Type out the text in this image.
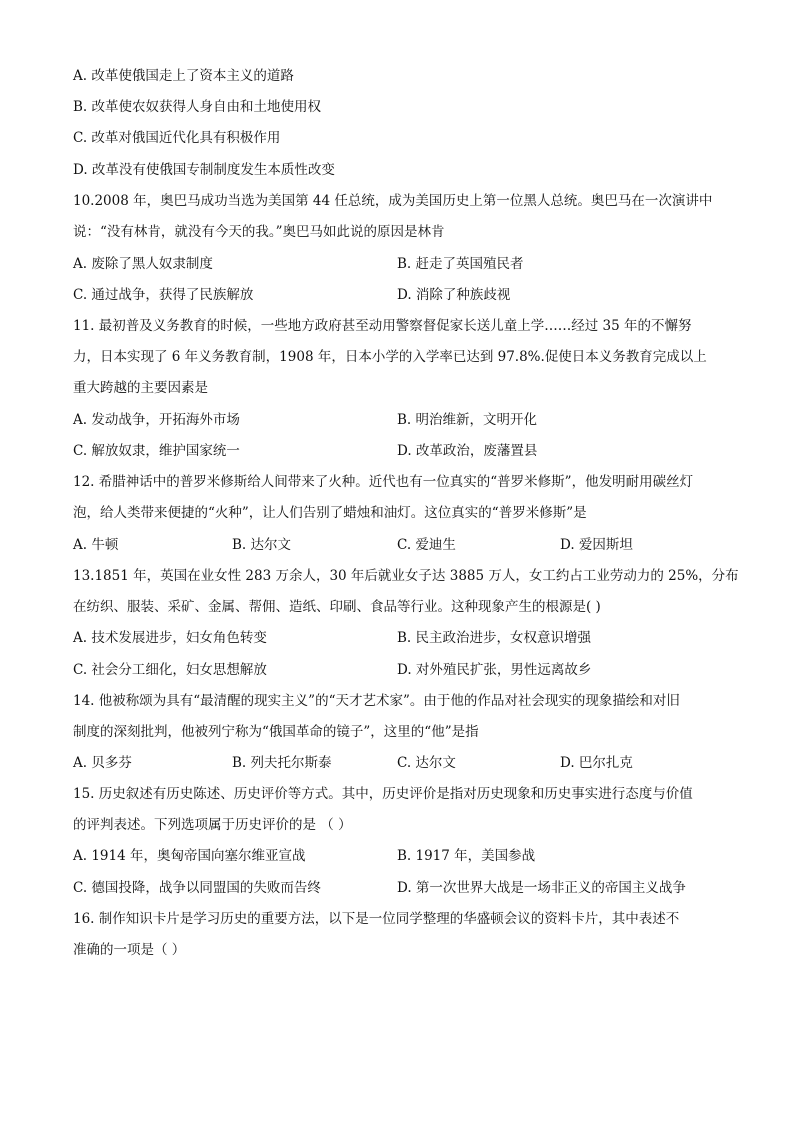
A. 改革使俄国走上了资本主义的道路
B. 改革使农奴获得人身自由和土地使用权
C. 改革对俄国近代化具有积极作用
D. 改革没有使俄国专制制度发生本质性改变
10.2008 年，奥巴马成功当选为美国第 44 任总统，成为美国历史上第一位黑人总统。奥巴马在一次演讲中
说：“没有林肯，就没有今天的我。”奥巴马如此说的原因是林肯
A. 废除了黑人奴隶制度	B. 赶走了英国殖民者
C. 通过战争，获得了民族解放	D. 消除了种族歧视
11. 最初普及义务教育的时候，一些地方政府甚至动用警察督促家长送儿童上学……经过 35 年的不懈努
力，日本实现了 6 年义务教育制，1908 年，日本小学的入学率已达到 97.8%.促使日本义务教育完成以上
重大跨越的主要因素是
A. 发动战争，开拓海外市场	B. 明治维新，文明开化
C. 解放奴隶，维护国家统一	D. 改革政治，废藩置县
12. 希腊神话中的普罗米修斯给人间带来了火种。近代也有一位真实的“普罗米修斯”，他发明耐用碳丝灯
泡，给人类带来便捷的“火种”，让人们告别了蜡烛和油灯。这位真实的“普罗米修斯”是
A. 牛顿	B. 达尔文	C. 爱迪生	D. 爱因斯坦
13.1851 年，英国在业女性 283 万余人，30 年后就业女子达 3885 万人，女工约占工业劳动力的 25%，分布
在纺织、服装、采矿、金属、帮佣、造纸、印刷、食品等行业。这种现象产生的根源是( )
A. 技术发展进步，妇女角色转变	B. 民主政治进步，女权意识增强
C. 社会分工细化，妇女思想解放	D. 对外殖民扩张，男性远离故乡
14. 他被称颂为具有“最清醒的现实主义”的“天才艺术家”。由于他的作品对社会现实的现象描绘和对旧
制度的深刻批判，他被列宁称为“俄国革命的镜子”，这里的“他”是指
A. 贝多芬	B. 列夫托尔斯泰	C. 达尔文	D. 巴尔扎克
15. 历史叙述有历史陈述、历史评价等方式。其中，历史评价是指对历史现象和历史事实进行态度与价值
的评判表述。下列选项属于历史评价的是 （ ）
A. 1914 年，奥匈帝国向塞尔维亚宣战	B. 1917 年，美国参战
C. 德国投降，战争以同盟国的失败而告终	D. 第一次世界大战是一场非正义的帝国主义战争
16. 制作知识卡片是学习历史的重要方法，以下是一位同学整理的华盛顿会议的资料卡片，其中表述不
准确的一项是（ ）
